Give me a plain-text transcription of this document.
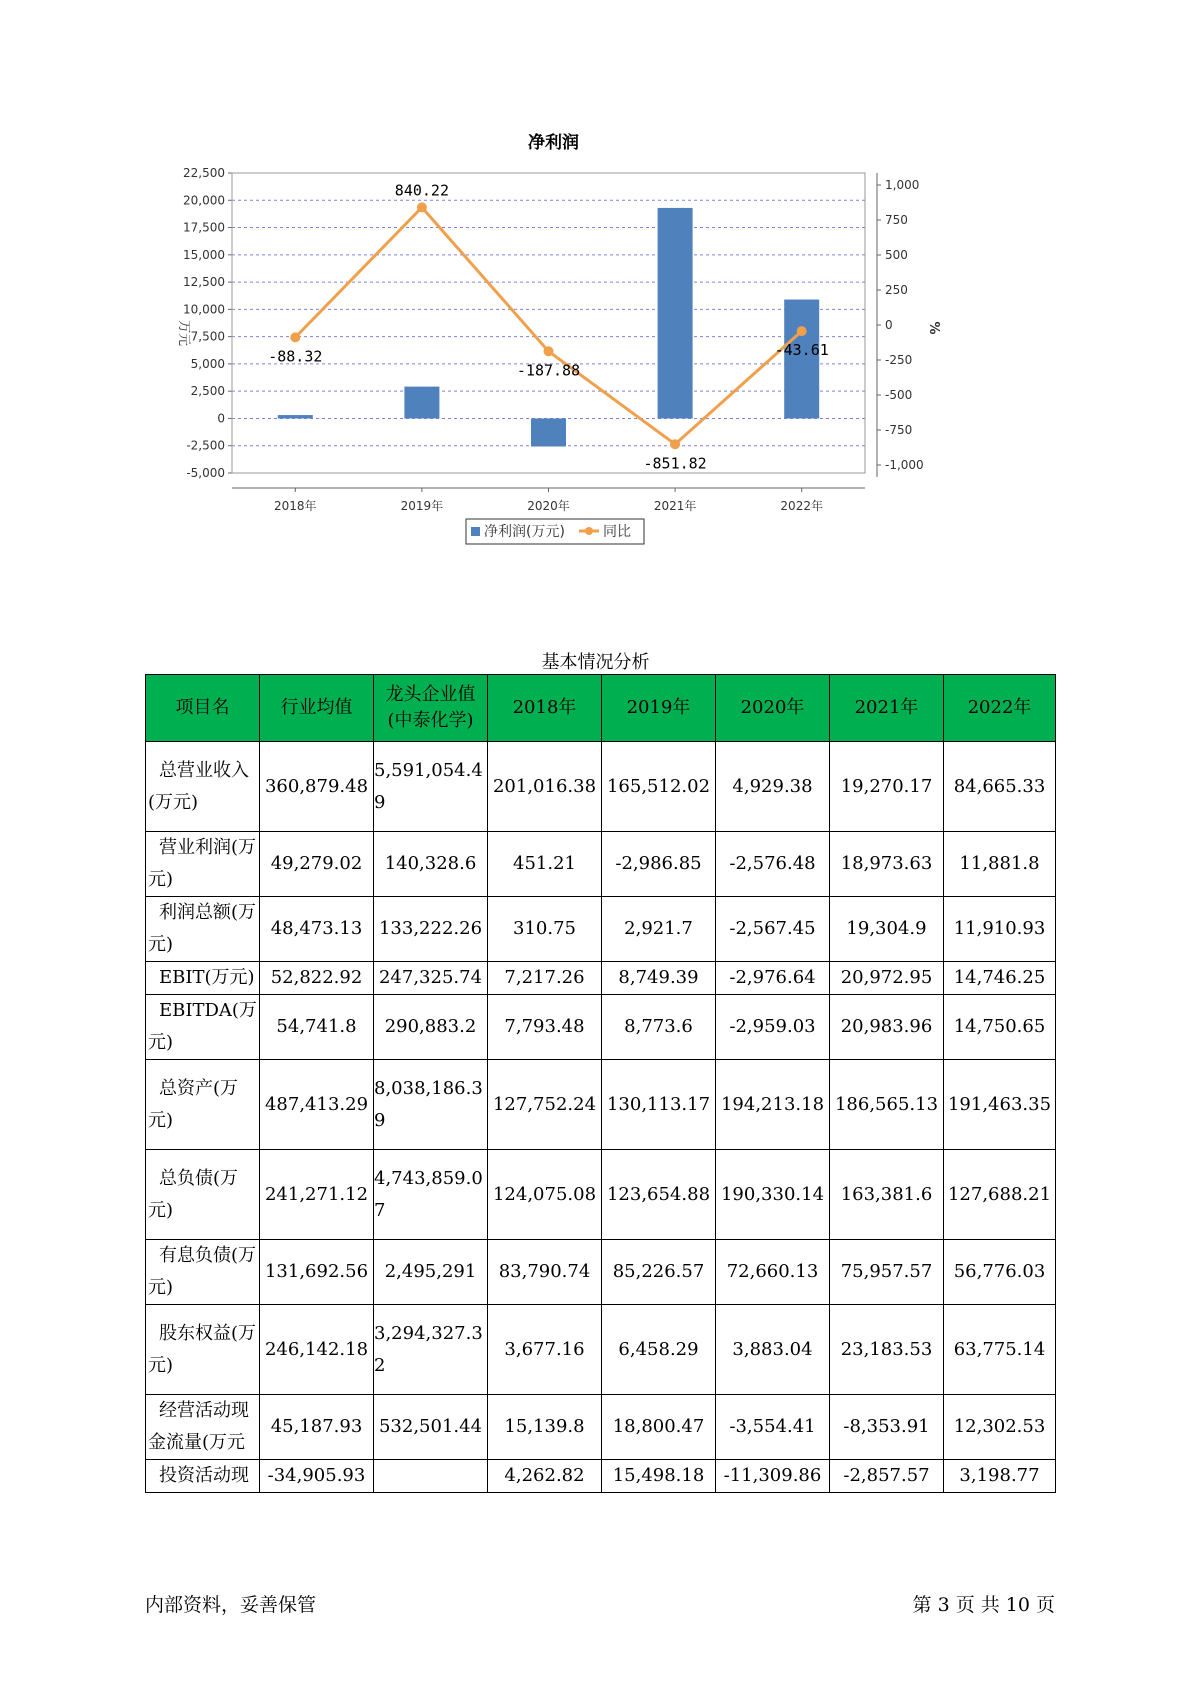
净利润
22,500
20,000
17,500
15,000
12,500
10,000
7,500
5,000
2,500
0
-2,500
-5,000
1,000
750
500
250
0
-250
-500
-750
-1,000
万元	%
2018年	2019年	2020年	2021年	2022年
-88.32
840.22
-187.88
-851.82
-43.61
净利润(万元)	同比
基本情况分析
项目名	行业均值	龙头企业值(中泰化学)	2018年	2019年	2020年	2021年	2022年
总营业收入(万元)	360,879.48	5,591,054.49	201,016.38	165,512.02	4,929.38	19,270.17	84,665.33
营业利润(万元)	49,279.02	140,328.6	451.21	-2,986.85	-2,576.48	18,973.63	11,881.8
利润总额(万元)	48,473.13	133,222.26	310.75	2,921.7	-2,567.45	19,304.9	11,910.93
EBIT(万元)	52,822.92	247,325.74	7,217.26	8,749.39	-2,976.64	20,972.95	14,746.25
EBITDA(万元)	54,741.8	290,883.2	7,793.48	8,773.6	-2,959.03	20,983.96	14,750.65
总资产(万元)	487,413.29	8,038,186.39	127,752.24	130,113.17	194,213.18	186,565.13	191,463.35
总负债(万元)	241,271.12	4,743,859.07	124,075.08	123,654.88	190,330.14	163,381.6	127,688.21
有息负债(万元)	131,692.56	2,495,291	83,790.74	85,226.57	72,660.13	75,957.57	56,776.03
股东权益(万元)	246,142.18	3,294,327.32	3,677.16	6,458.29	3,883.04	23,183.53	63,775.14
经营活动现金流量(万元	45,187.93	532,501.44	15,139.8	18,800.47	-3,554.41	-8,353.91	12,302.53
投资活动现	-34,905.93		4,262.82	15,498.18	-11,309.86	-2,857.57	3,198.77
内部资料，妥善保管	第 3 页 共 10 页
